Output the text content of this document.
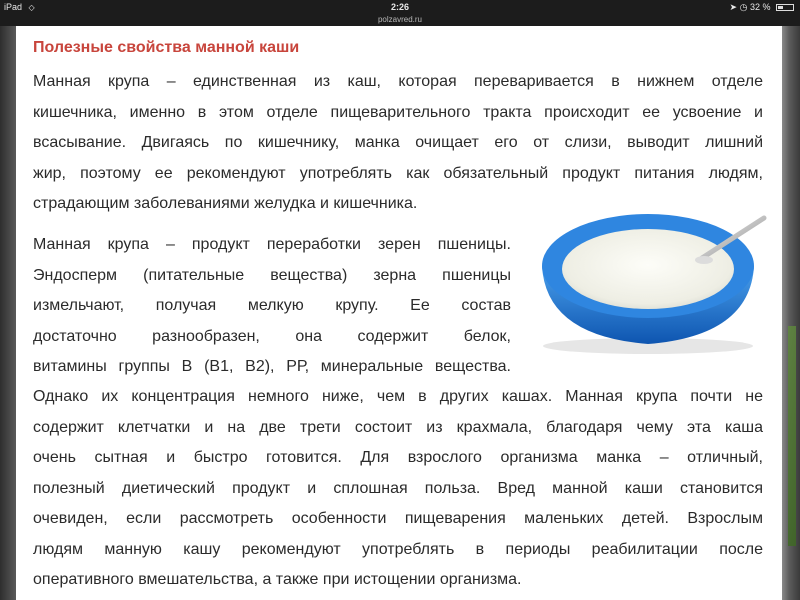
iPad ◇	2:26	➤ ◷ 32 %
polzavred.ru
Полезные свойства манной каши
Манная крупа – единственная из каш, которая переваривается в нижнем отделе
кишечника, именно в этом отделе пищеварительного тракта происходит ее усвоение и
всасывание. Двигаясь по кишечнику, манка очищает его от слизи, выводит лишний
жир, поэтому ее рекомендуют употреблять как обязательный продукт питания людям,
страдающим заболеваниями желудка и кишечника.
Манная крупа – продукт переработки зерен пшеницы.
Эндосперм (питательные вещества) зерна пшеницы
измельчают, получая мелкую крупу. Ее состав
достаточно разнообразен, она содержит белок,
витамины группы В (В1, В2), РР, минеральные вещества.
Однако их концентрация немного ниже, чем в других кашах. Манная крупа почти не
содержит клетчатки и на две трети состоит из крахмала, благодаря чему эта каша
очень сытная и быстро готовится. Для взрослого организма манка – отличный,
полезный диетический продукт и сплошная польза. Вред манной каши становится
очевиден, если рассмотреть особенности пищеварения маленьких детей. Взрослым
людям манную кашу рекомендуют употреблять в периоды реабилитации после
оперативного вмешательства, а также при истощении организма.
